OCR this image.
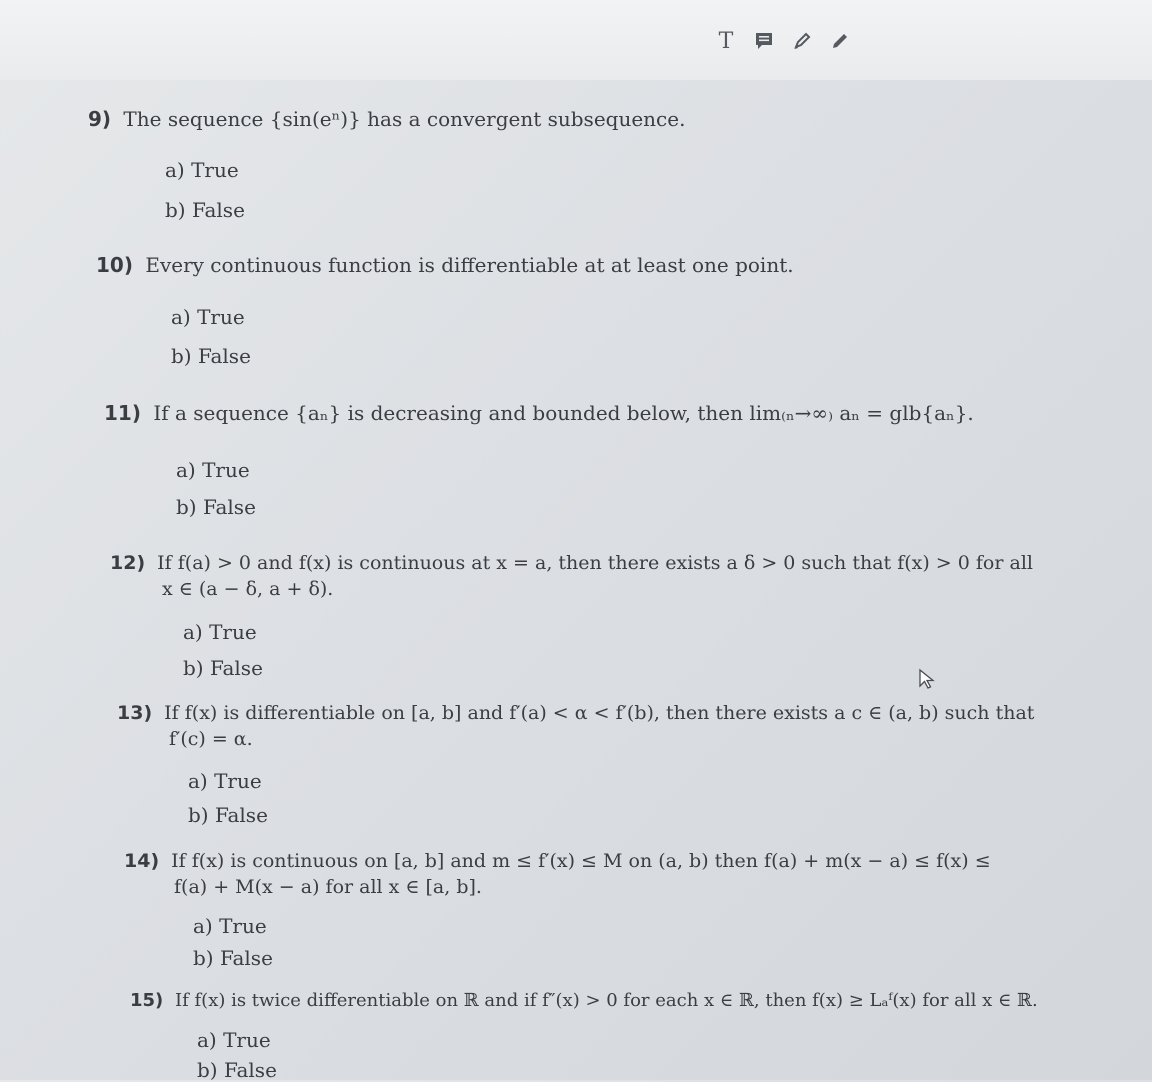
T
9) The sequence {sin(eⁿ)} has a convergent subsequence.
a) True
b) False
10) Every continuous function is differentiable at at least one point.
a) True
b) False
11) If a sequence {aₙ} is decreasing and bounded below, then lim₍ₙ→∞₎ aₙ = glb{aₙ}.
a) True
b) False
12) If f(a) > 0 and f(x) is continuous at x = a, then there exists a δ > 0 such that f(x) > 0 for all
x ∈ (a − δ, a + δ).
a) True
b) False
13) If f(x) is differentiable on [a, b] and f′(a) < α < f′(b), then there exists a c ∈ (a, b) such that
f′(c) = α.
a) True
b) False
14) If f(x) is continuous on [a, b] and m ≤ f′(x) ≤ M on (a, b) then f(a) + m(x − a) ≤ f(x) ≤
f(a) + M(x − a) for all x ∈ [a, b].
a) True
b) False
15) If f(x) is twice differentiable on ℝ and if f″(x) > 0 for each x ∈ ℝ, then f(x) ≥ Lₐᶠ(x) for all x ∈ ℝ.
a) True
b) False
